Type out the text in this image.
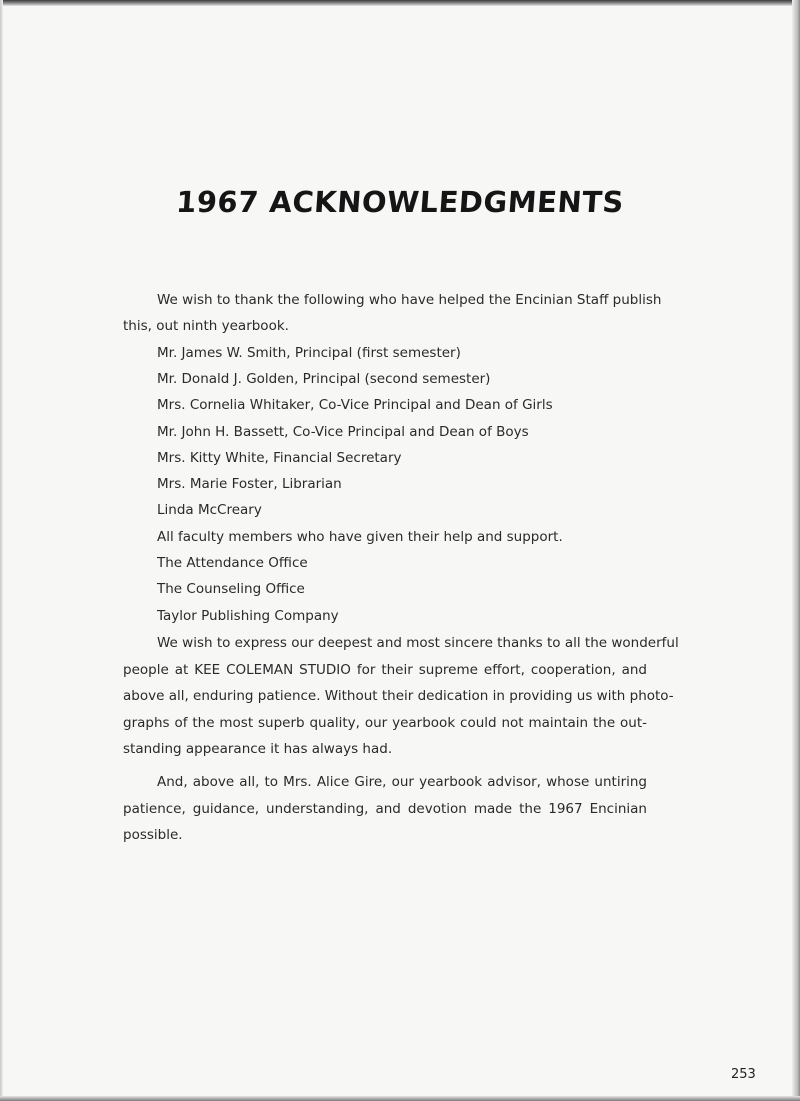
1967 ACKNOWLEDGMENTS
We wish to thank the following who have helped the Encinian Staff publish
this, out ninth yearbook.
Mr. James W. Smith, Principal (first semester)
Mr. Donald J. Golden, Principal (second semester)
Mrs. Cornelia Whitaker, Co-Vice Principal and Dean of Girls
Mr. John H. Bassett, Co-Vice Principal and Dean of Boys
Mrs. Kitty White, Financial Secretary
Mrs. Marie Foster, Librarian
Linda McCreary
All faculty members who have given their help and support.
The Attendance Office
The Counseling Office
Taylor Publishing Company
We wish to express our deepest and most sincere thanks to all the wonderful
people at KEE COLEMAN STUDIO for their supreme effort, cooperation, and
above all, enduring patience. Without their dedication in providing us with photo-
graphs of the most superb quality, our yearbook could not maintain the out-
standing appearance it has always had.
And, above all, to Mrs. Alice Gire, our yearbook advisor, whose untiring
patience, guidance, understanding, and devotion made the 1967 Encinian
possible.
253
